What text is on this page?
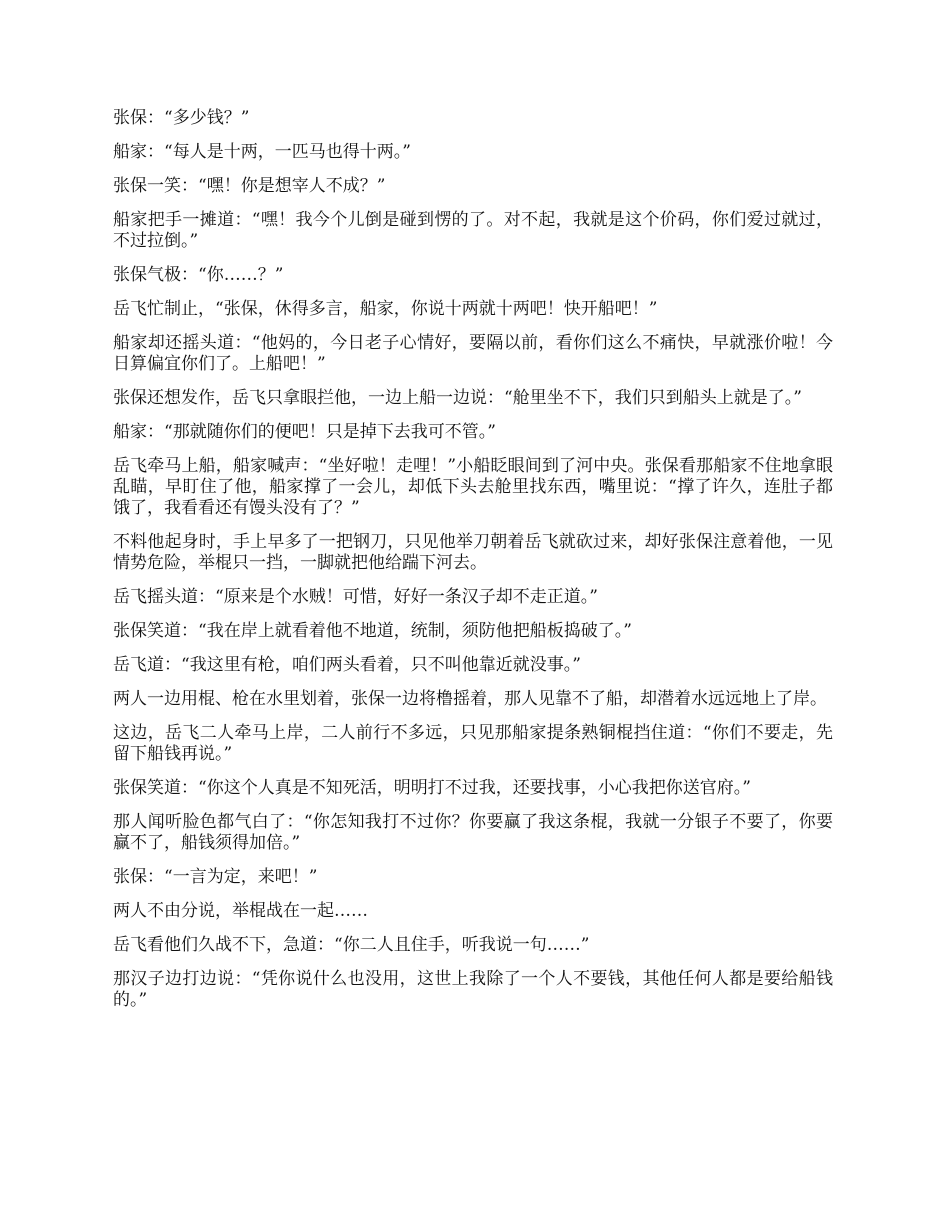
张保：“多少钱？”

船家：“每人是十两，一匹马也得十两。”

张保一笑：“嘿！你是想宰人不成？”

船家把手一摊道：“嘿！我今个儿倒是碰到愣的了。对不起，我就是这个价码，你们爱过就过，不过拉倒。”

张保气极：“你……？”

岳飞忙制止，“张保，休得多言，船家，你说十两就十两吧！快开船吧！”

船家却还摇头道：“他妈的，今日老子心情好，要隔以前，看你们这么不痛快，早就涨价啦！今日算偏宜你们了。上船吧！”

张保还想发作，岳飞只拿眼拦他，一边上船一边说：“舱里坐不下，我们只到船头上就是了。”

船家：“那就随你们的便吧！只是掉下去我可不管。”

岳飞牵马上船，船家喊声：“坐好啦！走哩！”小船眨眼间到了河中央。张保看那船家不住地拿眼乱瞄，早盯住了他，船家撑了一会儿，却低下头去舱里找东西，嘴里说：“撑了许久，连肚子都饿了，我看看还有馒头没有了？”

不料他起身时，手上早多了一把钢刀，只见他举刀朝着岳飞就砍过来，却好张保注意着他，一见情势危险，举棍只一挡，一脚就把他给踹下河去。

岳飞摇头道：“原来是个水贼！可惜，好好一条汉子却不走正道。”

张保笑道：“我在岸上就看着他不地道，统制，须防他把船板捣破了。”

岳飞道：“我这里有枪，咱们两头看着，只不叫他靠近就没事。”

两人一边用棍、枪在水里划着，张保一边将橹摇着，那人见靠不了船，却潜着水远远地上了岸。

这边，岳飞二人牵马上岸，二人前行不多远，只见那船家提条熟铜棍挡住道：“你们不要走，先留下船钱再说。”

张保笑道：“你这个人真是不知死活，明明打不过我，还要找事，小心我把你送官府。”

那人闻听脸色都气白了：“你怎知我打不过你？你要赢了我这条棍，我就一分银子不要了，你要赢不了，船钱须得加倍。”

张保：“一言为定，来吧！”

两人不由分说，举棍战在一起……

岳飞看他们久战不下，急道：“你二人且住手，听我说一句……”

那汉子边打边说：“凭你说什么也没用，这世上我除了一个人不要钱，其他任何人都是要给船钱的。”
